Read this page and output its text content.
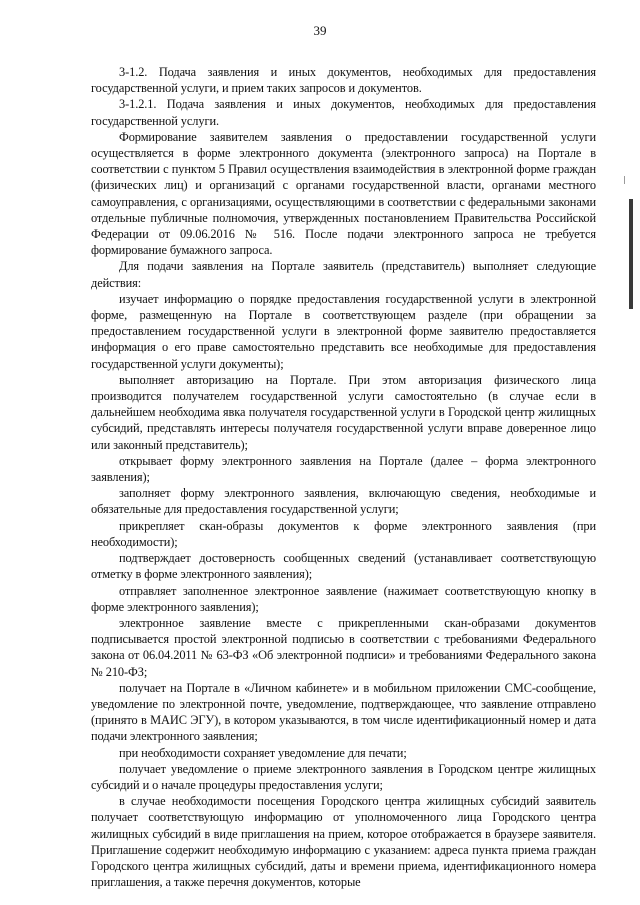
39

3-1.2. Подача заявления и иных документов, необходимых для предоставления государственной услуги, и прием таких запросов и документов.

3-1.2.1. Подача заявления и иных документов, необходимых для предоставления государственной услуги.

Формирование заявителем заявления о предоставлении государственной услуги осуществляется в форме электронного документа (электронного запроса) на Портале в соответствии с пунктом 5 Правил осуществления взаимодействия в электронной форме граждан (физических лиц) и организаций с органами государственной власти, органами местного самоуправления, с организациями, осуществляющими в соответствии с федеральными законами отдельные публичные полномочия, утвержденных постановлением Правительства Российской Федерации от 09.06.2016 № 516. После подачи электронного запроса не требуется формирование бумажного запроса.

Для подачи заявления на Портале заявитель (представитель) выполняет следующие действия:

изучает информацию о порядке предоставления государственной услуги в электронной форме, размещенную на Портале в соответствующем разделе (при обращении за предоставлением государственной услуги в электронной форме заявителю предоставляется информация о его праве самостоятельно представить все необходимые для предоставления государственной услуги документы);

выполняет авторизацию на Портале. При этом авторизация физического лица производится получателем государственной услуги самостоятельно (в случае если в дальнейшем необходима явка получателя государственной услуги в Городской центр жилищных субсидий, представлять интересы получателя государственной услуги вправе доверенное лицо или законный представитель);

открывает форму электронного заявления на Портале (далее – форма электронного заявления);

заполняет форму электронного заявления, включающую сведения, необходимые и обязательные для предоставления государственной услуги;

прикрепляет скан-образы документов к форме электронного заявления (при необходимости);

подтверждает достоверность сообщенных сведений (устанавливает соответствующую отметку в форме электронного заявления);

отправляет заполненное электронное заявление (нажимает соответствующую кнопку в форме электронного заявления);

электронное заявление вместе с прикрепленными скан-образами документов подписывается простой электронной подписью в соответствии с требованиями Федерального закона от 06.04.2011 № 63-ФЗ «Об электронной подписи» и требованиями Федерального закона № 210-ФЗ;

получает на Портале в «Личном кабинете» и в мобильном приложении СМС-сообщение, уведомление по электронной почте, уведомление, подтверждающее, что заявление отправлено (принято в МАИС ЭГУ), в котором указываются, в том числе идентификационный номер и дата подачи электронного заявления;

при необходимости сохраняет уведомление для печати;

получает уведомление о приеме электронного заявления в Городском центре жилищных субсидий и о начале процедуры предоставления услуги;

в случае необходимости посещения Городского центра жилищных субсидий заявитель получает соответствующую информацию от уполномоченного лица Городского центра жилищных субсидий в виде приглашения на прием, которое отображается в браузере заявителя. Приглашение содержит необходимую информацию с указанием: адреса пункта приема граждан Городского центра жилищных субсидий, даты и времени приема, идентификационного номера приглашения, а также перечня документов, которые
